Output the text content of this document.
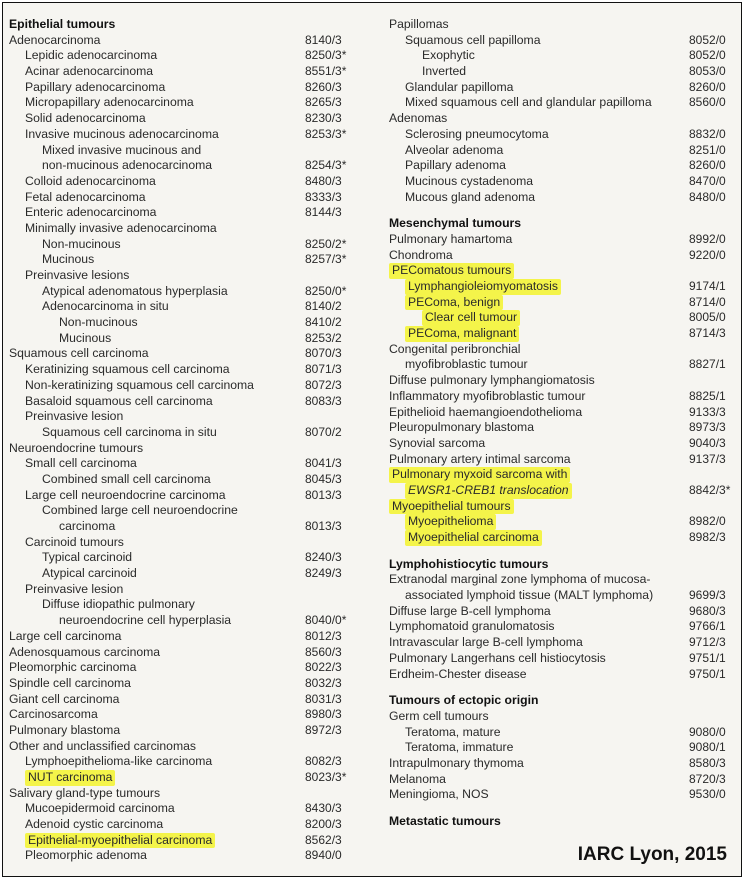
Epithelial tumours
Adenocarcinoma	8140/3
Lepidic adenocarcinoma	8250/3*
Acinar adenocarcinoma	8551/3*
Papillary adenocarcinoma	8260/3
Micropapillary adenocarcinoma	8265/3
Solid adenocarcinoma	8230/3
Invasive mucinous adenocarcinoma	8253/3*
Mixed invasive mucinous and
non-mucinous adenocarcinoma	8254/3*
Colloid adenocarcinoma	8480/3
Fetal adenocarcinoma	8333/3
Enteric adenocarcinoma	8144/3
Minimally invasive adenocarcinoma
Non-mucinous	8250/2*
Mucinous	8257/3*
Preinvasive lesions
Atypical adenomatous hyperplasia	8250/0*
Adenocarcinoma in situ	8140/2
Non-mucinous	8410/2
Mucinous	8253/2
Squamous cell carcinoma	8070/3
Keratinizing squamous cell carcinoma	8071/3
Non-keratinizing squamous cell carcinoma	8072/3
Basaloid squamous cell carcinoma	8083/3
Preinvasive lesion
Squamous cell carcinoma in situ	8070/2
Neuroendocrine tumours
Small cell carcinoma	8041/3
Combined small cell carcinoma	8045/3
Large cell neuroendocrine carcinoma	8013/3
Combined large cell neuroendocrine
carcinoma	8013/3
Carcinoid tumours
Typical carcinoid	8240/3
Atypical carcinoid	8249/3
Preinvasive lesion
Diffuse idiopathic pulmonary
neuroendocrine cell hyperplasia	8040/0*
Large cell carcinoma	8012/3
Adenosquamous carcinoma	8560/3
Pleomorphic carcinoma	8022/3
Spindle cell carcinoma	8032/3
Giant cell carcinoma	8031/3
Carcinosarcoma	8980/3
Pulmonary blastoma	8972/3
Other and unclassified carcinomas
Lymphoepithelioma-like carcinoma	8082/3
NUT carcinoma	8023/3*
Salivary gland-type tumours
Mucoepidermoid carcinoma	8430/3
Adenoid cystic carcinoma	8200/3
Epithelial-myoepithelial carcinoma	8562/3
Pleomorphic adenoma	8940/0
Papillomas
Squamous cell papilloma	8052/0
Exophytic	8052/0
Inverted	8053/0
Glandular papilloma	8260/0
Mixed squamous cell and glandular papilloma	8560/0
Adenomas
Sclerosing pneumocytoma	8832/0
Alveolar adenoma	8251/0
Papillary adenoma	8260/0
Mucinous cystadenoma	8470/0
Mucous gland adenoma	8480/0
Mesenchymal tumours
Pulmonary hamartoma	8992/0
Chondroma	9220/0
PEComatous tumours
Lymphangioleiomyomatosis	9174/1
PEComa, benign	8714/0
Clear cell tumour	8005/0
PEComa, malignant	8714/3
Congenital peribronchial
myofibroblastic tumour	8827/1
Diffuse pulmonary lymphangiomatosis
Inflammatory myofibroblastic tumour	8825/1
Epithelioid haemangioendothelioma	9133/3
Pleuropulmonary blastoma	8973/3
Synovial sarcoma	9040/3
Pulmonary artery intimal sarcoma	9137/3
Pulmonary myxoid sarcoma with
EWSR1-CREB1 translocation	8842/3*
Myoepithelial tumours
Myoepithelioma	8982/0
Myoepithelial carcinoma	8982/3
Lymphohistiocytic tumours
Extranodal marginal zone lymphoma of mucosa-
associated lymphoid tissue (MALT lymphoma)	9699/3
Diffuse large B-cell lymphoma	9680/3
Lymphomatoid granulomatosis	9766/1
Intravascular large B-cell lymphoma	9712/3
Pulmonary Langerhans cell histiocytosis	9751/1
Erdheim-Chester disease	9750/1
Tumours of ectopic origin
Germ cell tumours
Teratoma, mature	9080/0
Teratoma, immature	9080/1
Intrapulmonary thymoma	8580/3
Melanoma	8720/3
Meningioma, NOS	9530/0
Metastatic tumours
IARC Lyon, 2015
